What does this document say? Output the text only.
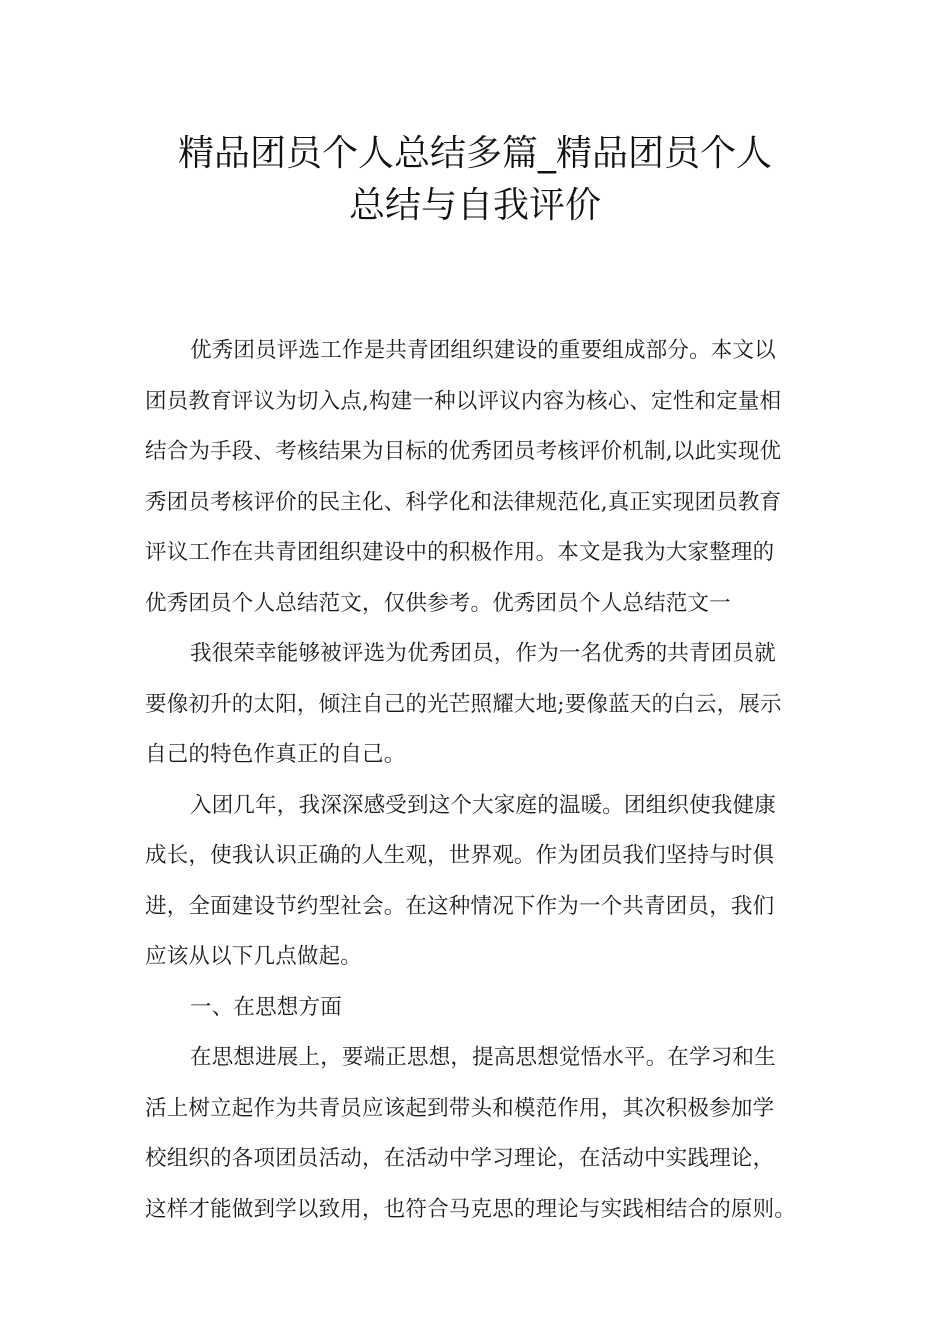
精品团员个人总结多篇_精品团员个人
总结与自我评价
优秀团员评选工作是共青团组织建设的重要组成部分。本文以
团员教育评议为切入点,构建一种以评议内容为核心、定性和定量相
结合为手段、考核结果为目标的优秀团员考核评价机制,以此实现优
秀团员考核评价的民主化、科学化和法律规范化,真正实现团员教育
评议工作在共青团组织建设中的积极作用。本文是我为大家整理的
优秀团员个人总结范文，仅供参考。优秀团员个人总结范文一
我很荣幸能够被评选为优秀团员，作为一名优秀的共青团员就
要像初升的太阳，倾注自己的光芒照耀大地;要像蓝天的白云，展示
自己的特色作真正的自己。
入团几年，我深深感受到这个大家庭的温暖。团组织使我健康
成长，使我认识正确的人生观，世界观。作为团员我们坚持与时俱
进，全面建设节约型社会。在这种情况下作为一个共青团员，我们
应该从以下几点做起。
一、在思想方面
在思想进展上，要端正思想，提高思想觉悟水平。在学习和生
活上树立起作为共青员应该起到带头和模范作用，其次积极参加学
校组织的各项团员活动，在活动中学习理论，在活动中实践理论，
这样才能做到学以致用，也符合马克思的理论与实践相结合的原则。
